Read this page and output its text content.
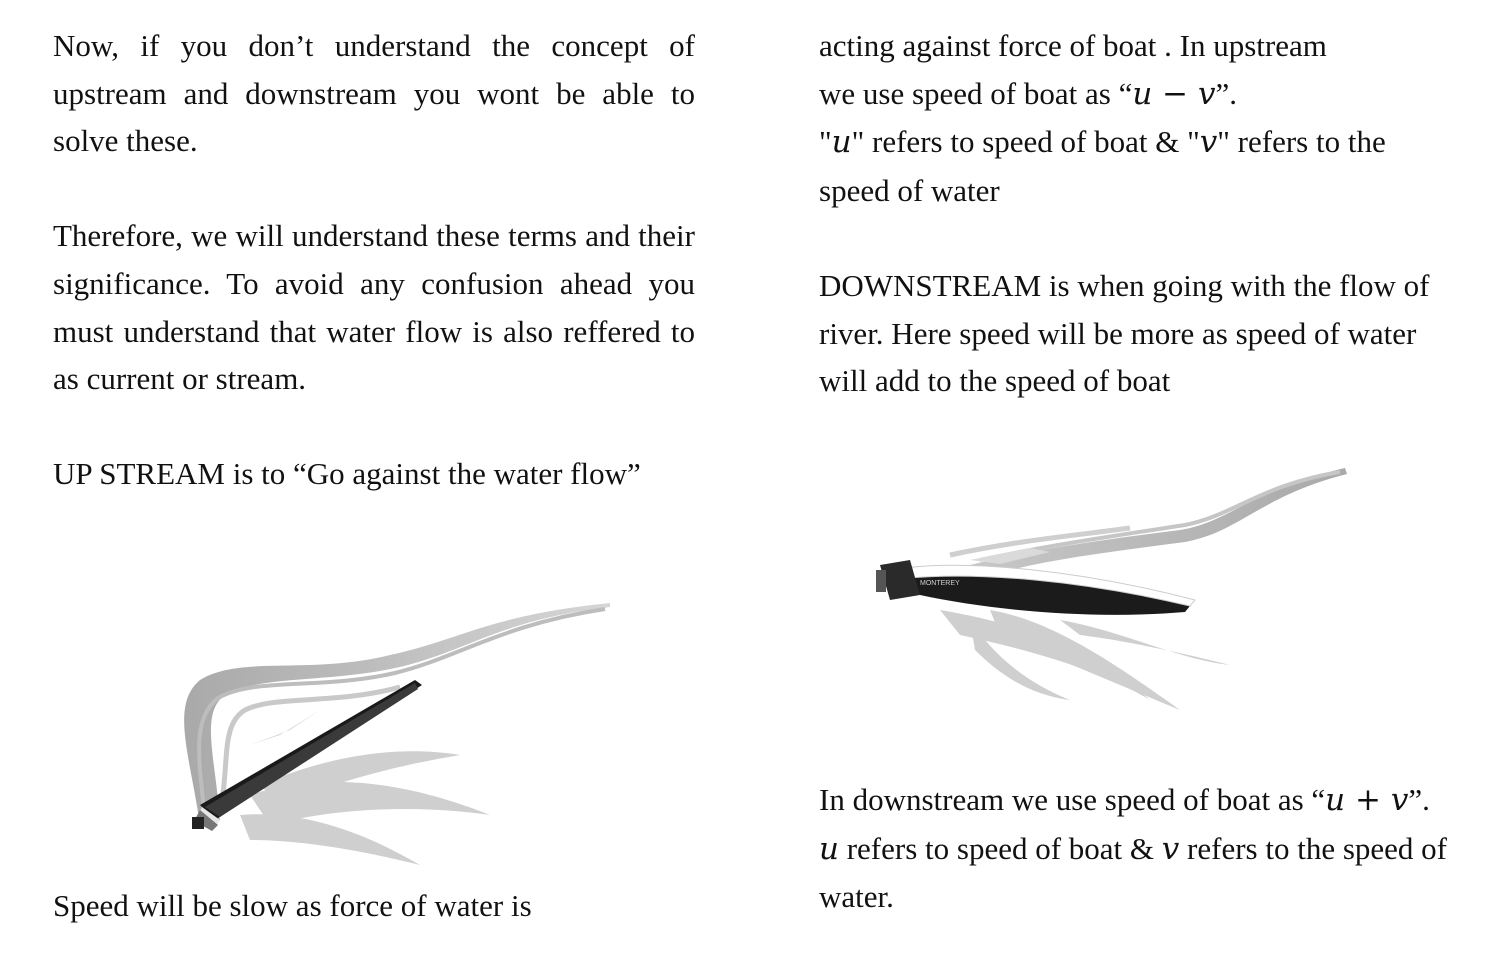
Now, if you don’t understand the concept of upstream and downstream you wont be able to solve these.

Therefore, we will understand these terms and their significance. To avoid any confusion ahead you must understand that water flow is also reffered to as current or stream.

UP STREAM is to “Go against the water flow”

Speed will be slow as force of water is

acting against force of boat . In upstream
we use speed of boat as “u − v”.
"u" refers to speed of boat & "v" refers to the speed of water

DOWNSTREAM is when going with the flow of river. Here speed will be more as speed of water will add to the speed of boat

MONTEREY
In downstream we use speed of boat as “u + v”. u refers to speed of boat & v refers to the speed of water.
